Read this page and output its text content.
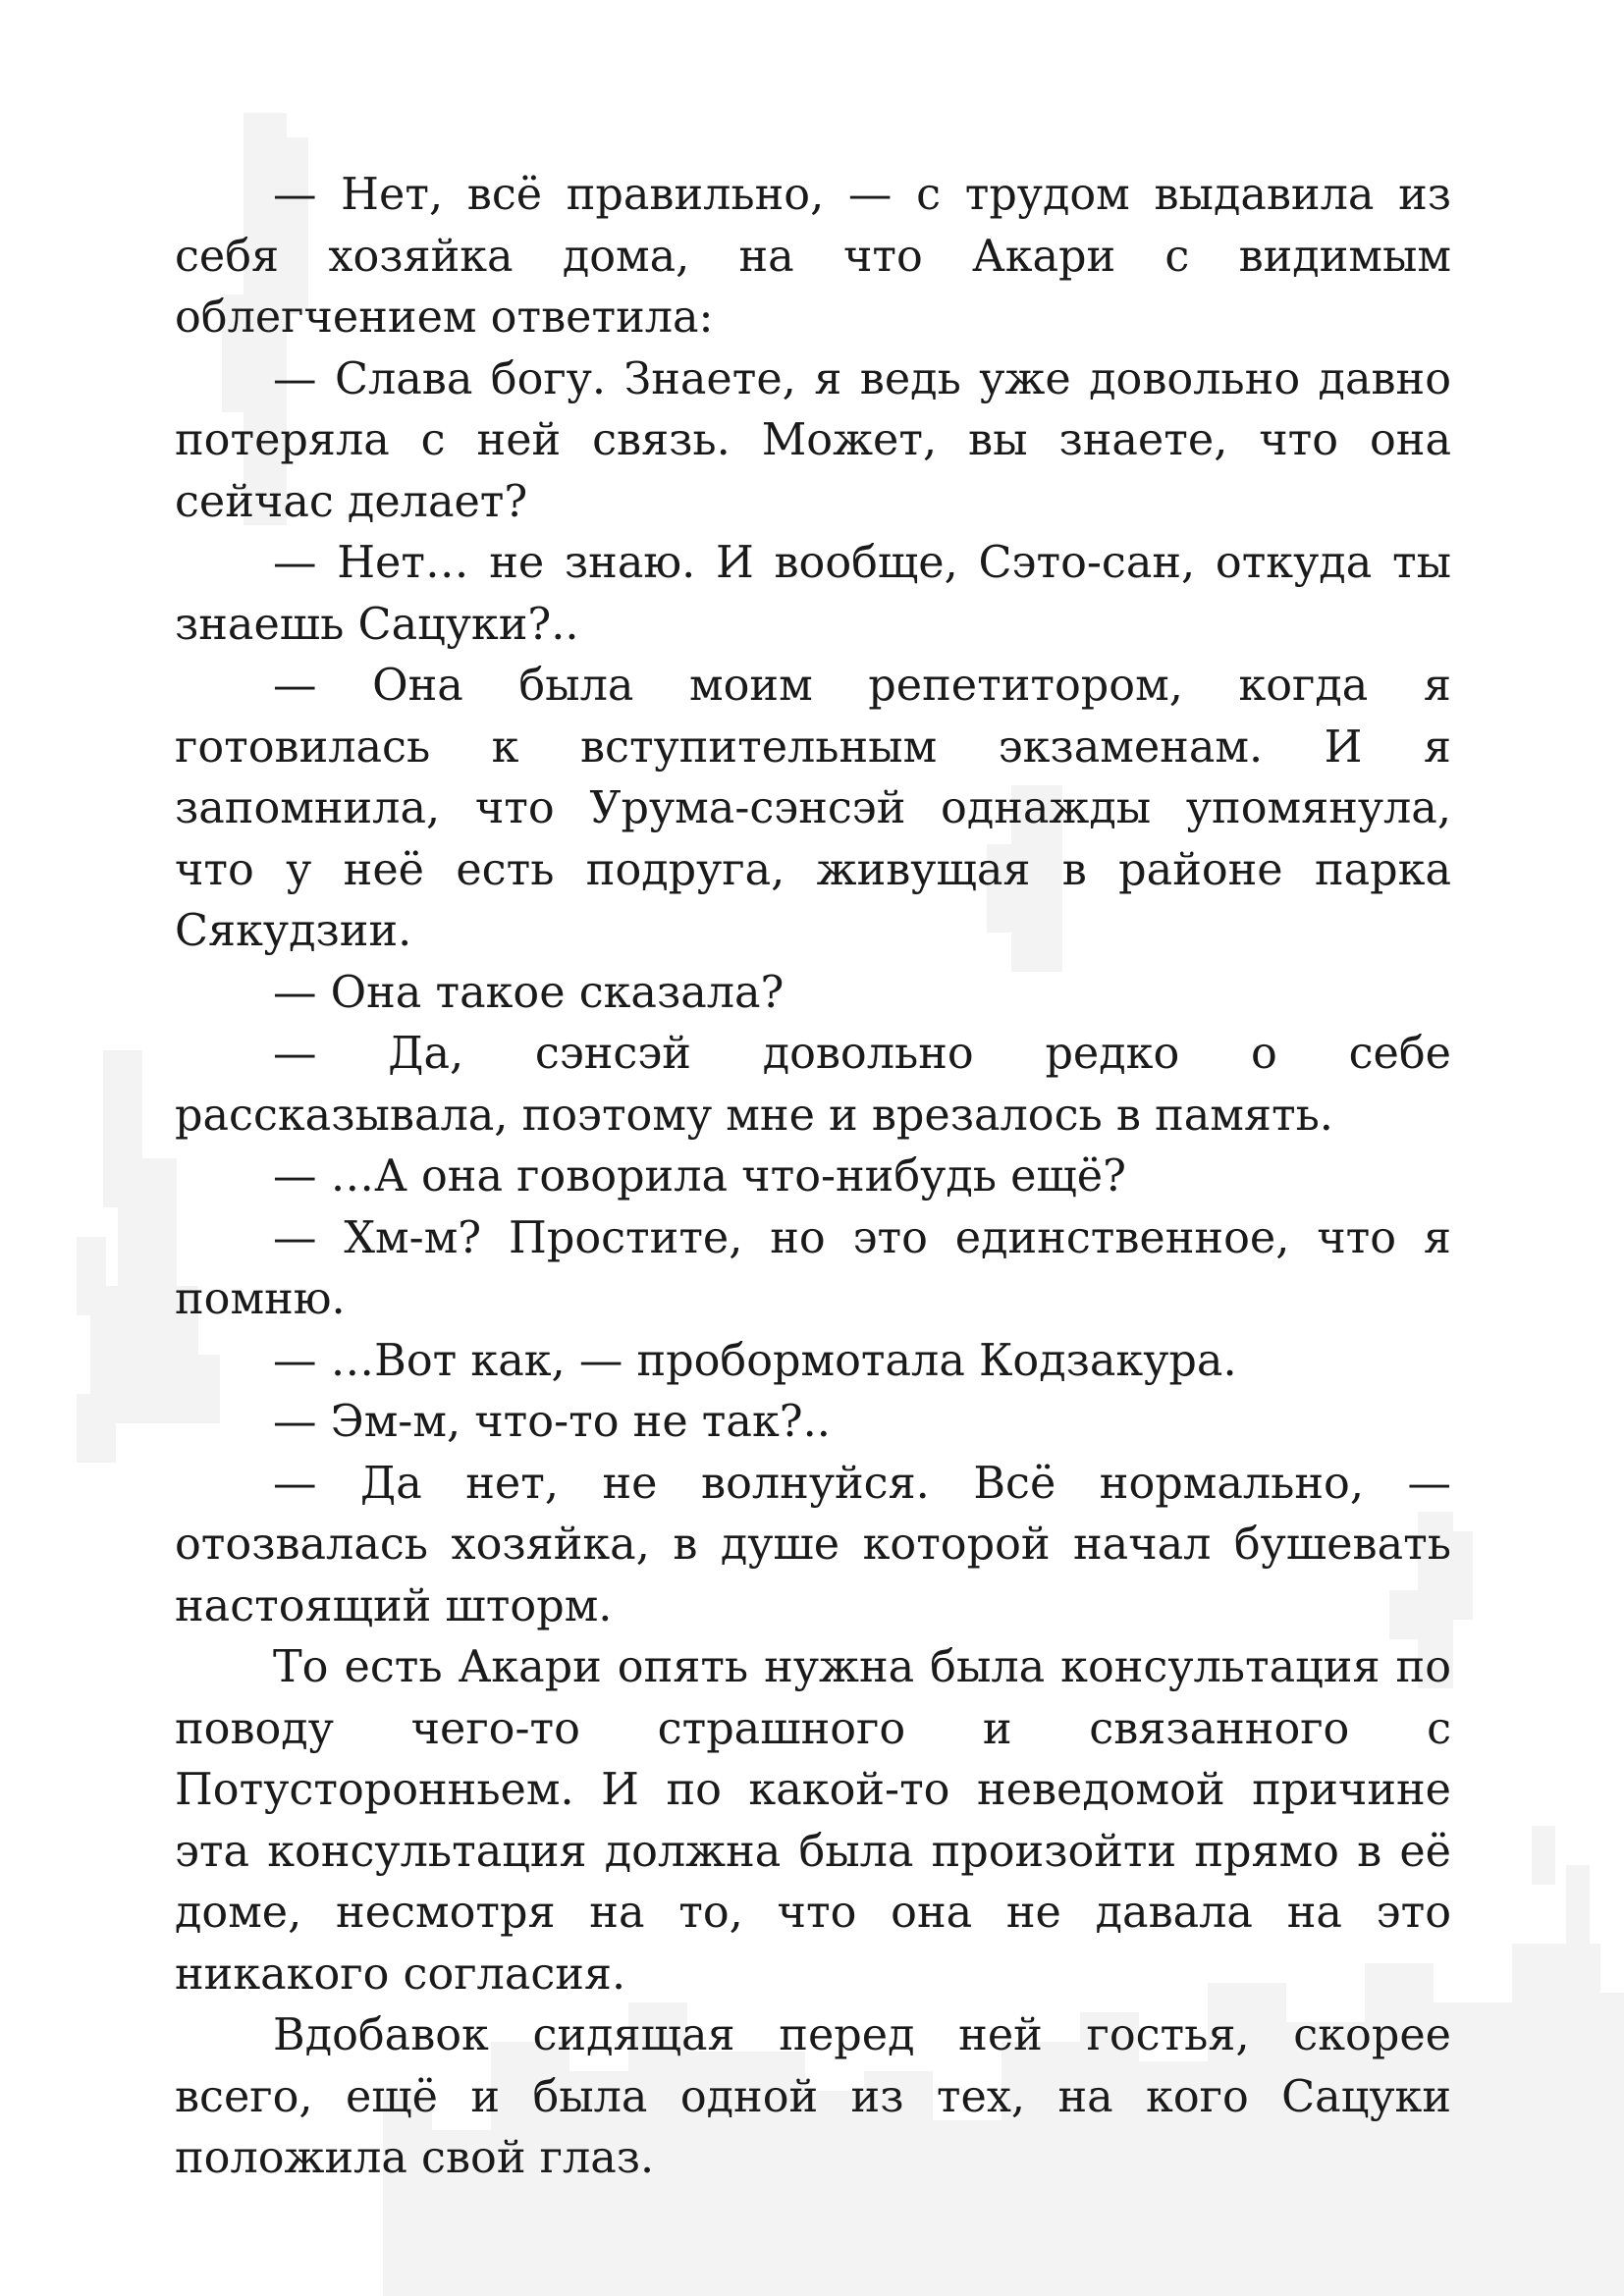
— Нет, всё правильно, — с трудом выдавила из себя хозяйка дома, на что Акари с видимым облегчением ответила:

— Слава богу. Знаете, я ведь уже довольно давно потеряла с ней связь. Может, вы знаете, что она сейчас делает?

— Нет… не знаю. И вообще, Сэто-сан, откуда ты знаешь Сацуки?..

— Она была моим репетитором, когда я готовилась к вступительным экзаменам. И я запомнила, что Урума-сэнсэй однажды упомянула, что у неё есть подруга, живущая в районе парка Сякудзии.

— Она такое сказала?

— Да, сэнсэй довольно редко о себе рассказывала, поэтому мне и врезалось в память.

— …А она говорила что-нибудь ещё?

— Хм-м? Простите, но это единственное, что я помню.

— …Вот как, — пробормотала Кодзакура.

— Эм-м, что-то не так?..

— Да нет, не волнуйся. Всё нормально, — отозвалась хозяйка, в душе которой начал бушевать настоящий шторм.

То есть Акари опять нужна была консультация по поводу чего-то страшного и связанного с Потусторонньем. И по какой-то неведомой причине эта консультация должна была произойти прямо в её доме, несмотря на то, что она не давала на это никакого согласия.

Вдобавок сидящая перед ней гостья, скорее всего, ещё и была одной из тех, на кого Сацуки положила свой глаз.
